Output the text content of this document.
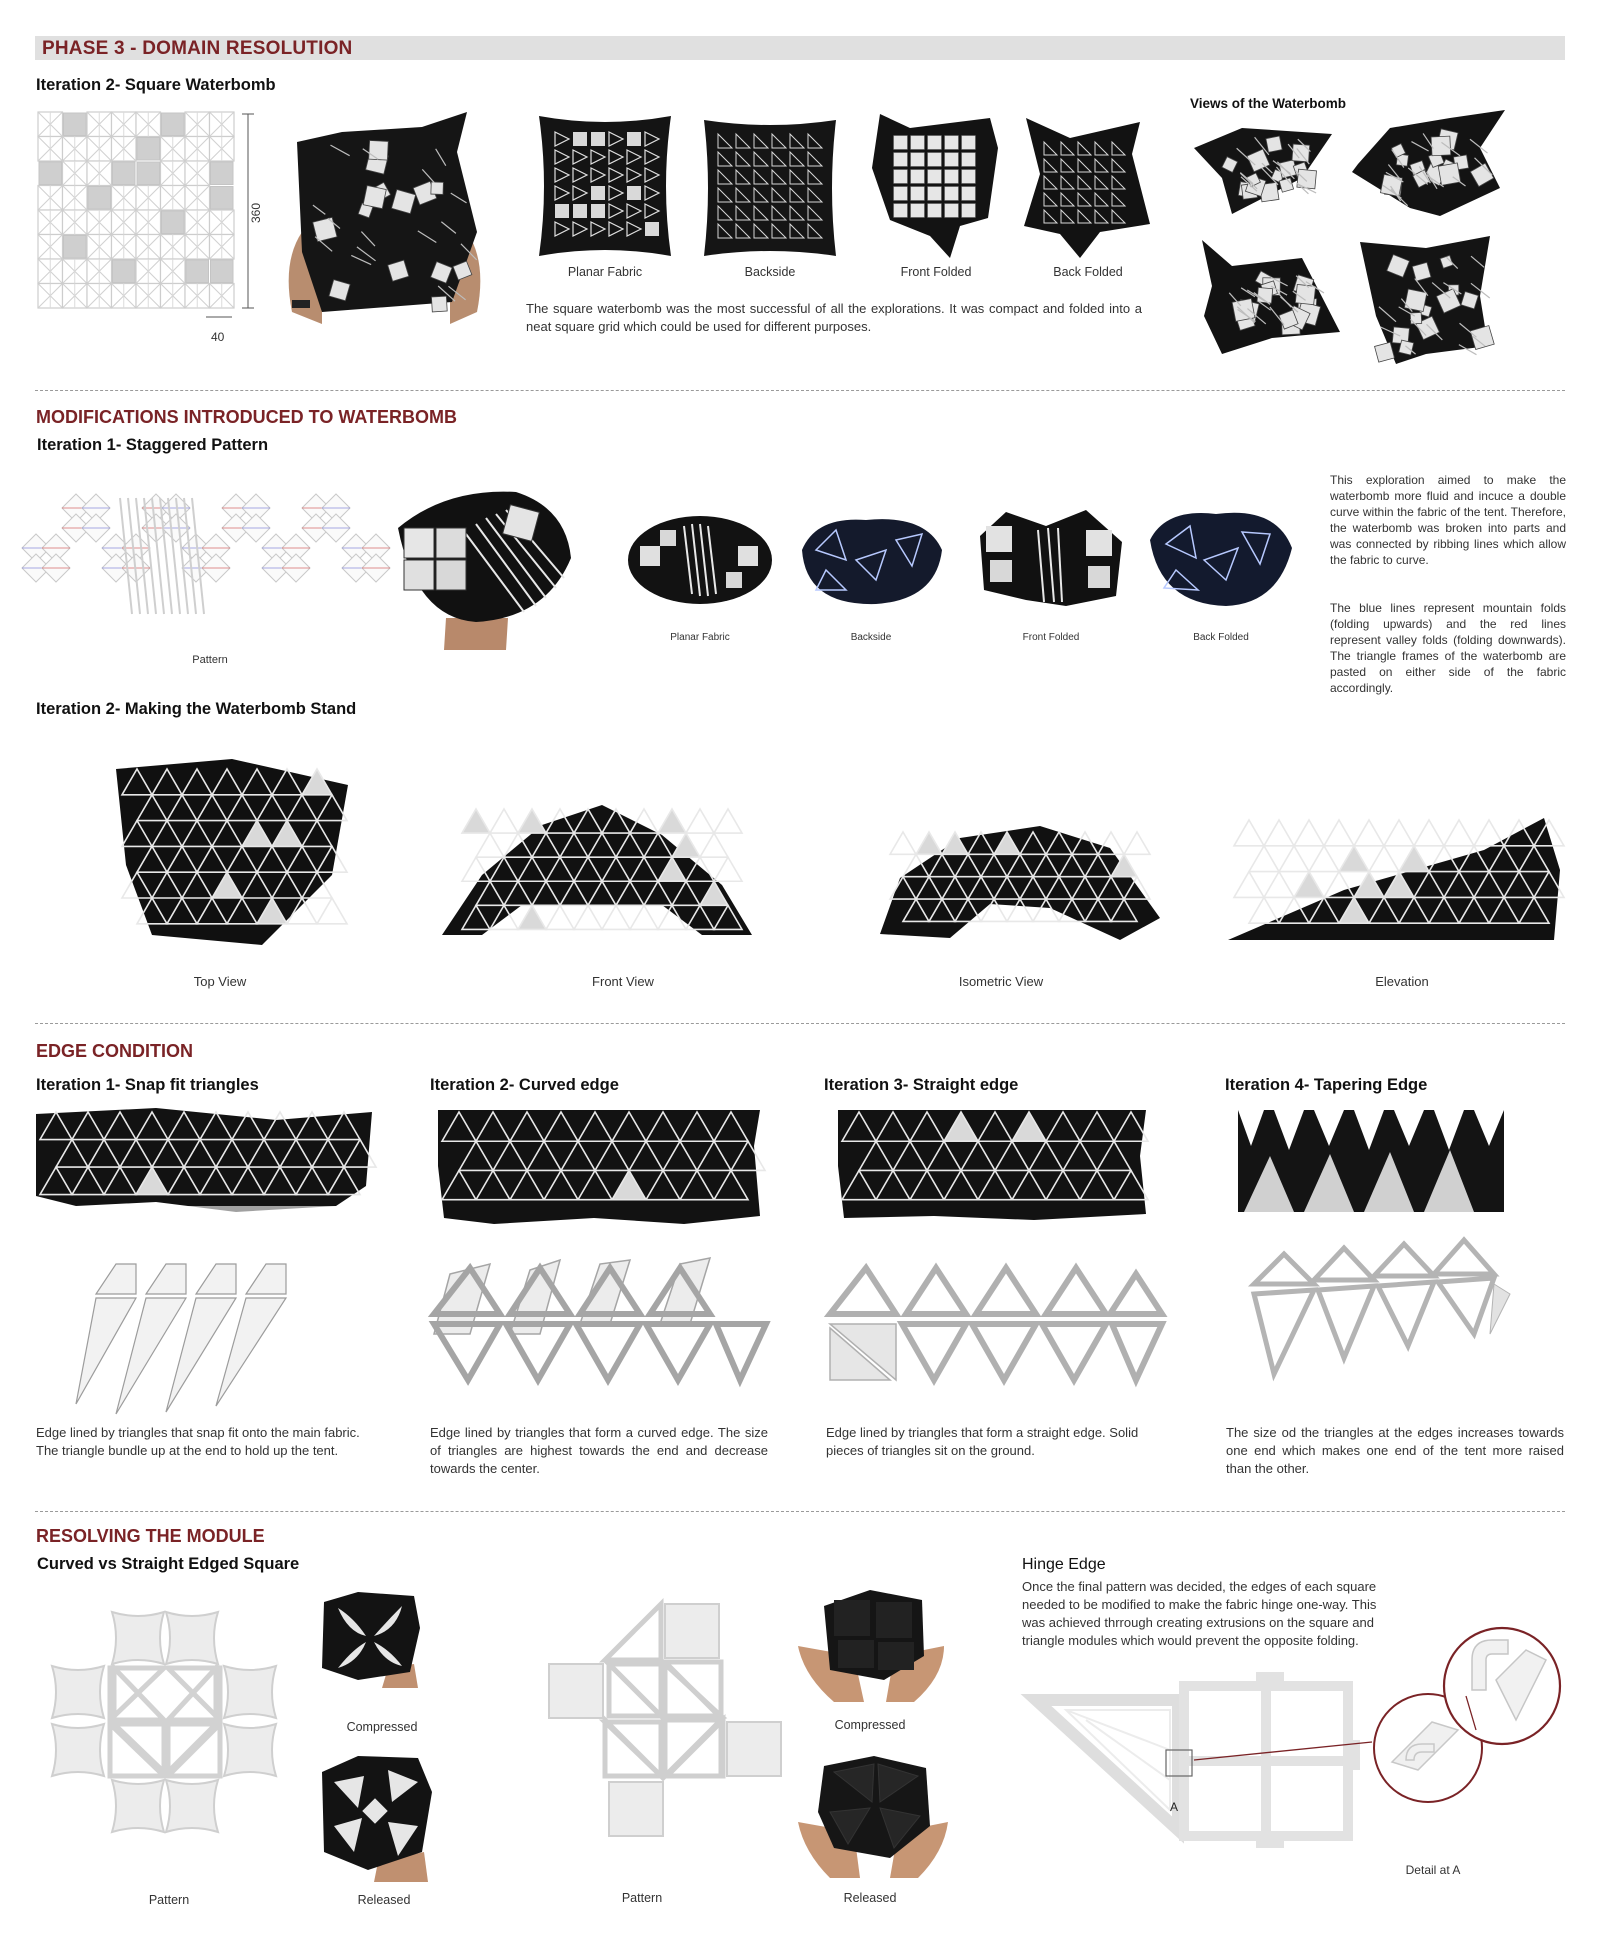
PHASE 3 - DOMAIN RESOLUTION
Iteration 2- Square Waterbomb
360
40
Planar Fabric	Backside	Front Folded	Back Folded
The square waterbomb was the most successful of all the explorations. It was compact and folded into a neat square grid which could be used for different purposes.
Views of the Waterbomb
MODIFICATIONS INTRODUCED TO WATERBOMB
Iteration 1- Staggered Pattern
Pattern
Planar Fabric	Backside	Front Folded	Back Folded
This exploration aimed to make the waterbomb more fluid and incuce a double curve within the fabric of the tent. Therefore, the waterbomb was broken into parts and was connected by ribbing lines which allow the fabric to curve.
The blue lines represent mountain folds (folding upwards) and the red lines represent valley folds (folding downwards). The triangle frames of the waterbomb are pasted on either side of the fabric accordingly.
Iteration 2- Making the Waterbomb Stand
Top View	Front View	Isometric View	Elevation
EDGE CONDITION
Iteration 1- Snap fit triangles	Iteration 2- Curved edge	Iteration 3- Straight edge	Iteration 4- Tapering Edge
Edge lined by triangles that snap fit onto the main fabric. The triangle bundle up at the end to hold up the tent.
Edge lined by triangles that form a curved edge. The size of triangles are highest towards the end and decrease towards the center.
Edge lined by triangles that form a straight edge. Solid pieces of triangles sit on the ground.
The size od the triangles at the edges increases towards one end which makes one end of the tent more raised than the other.
RESOLVING THE MODULE
Curved vs Straight Edged Square
Compressed
Pattern	Released
Compressed
Pattern	Released
Hinge Edge
Once the final pattern was decided, the edges of each square needed to be modified to make the fabric hinge one-way. This was achieved thrrough creating extrusions on the square and triangle modules which would prevent the opposite folding.
A
Detail at A
